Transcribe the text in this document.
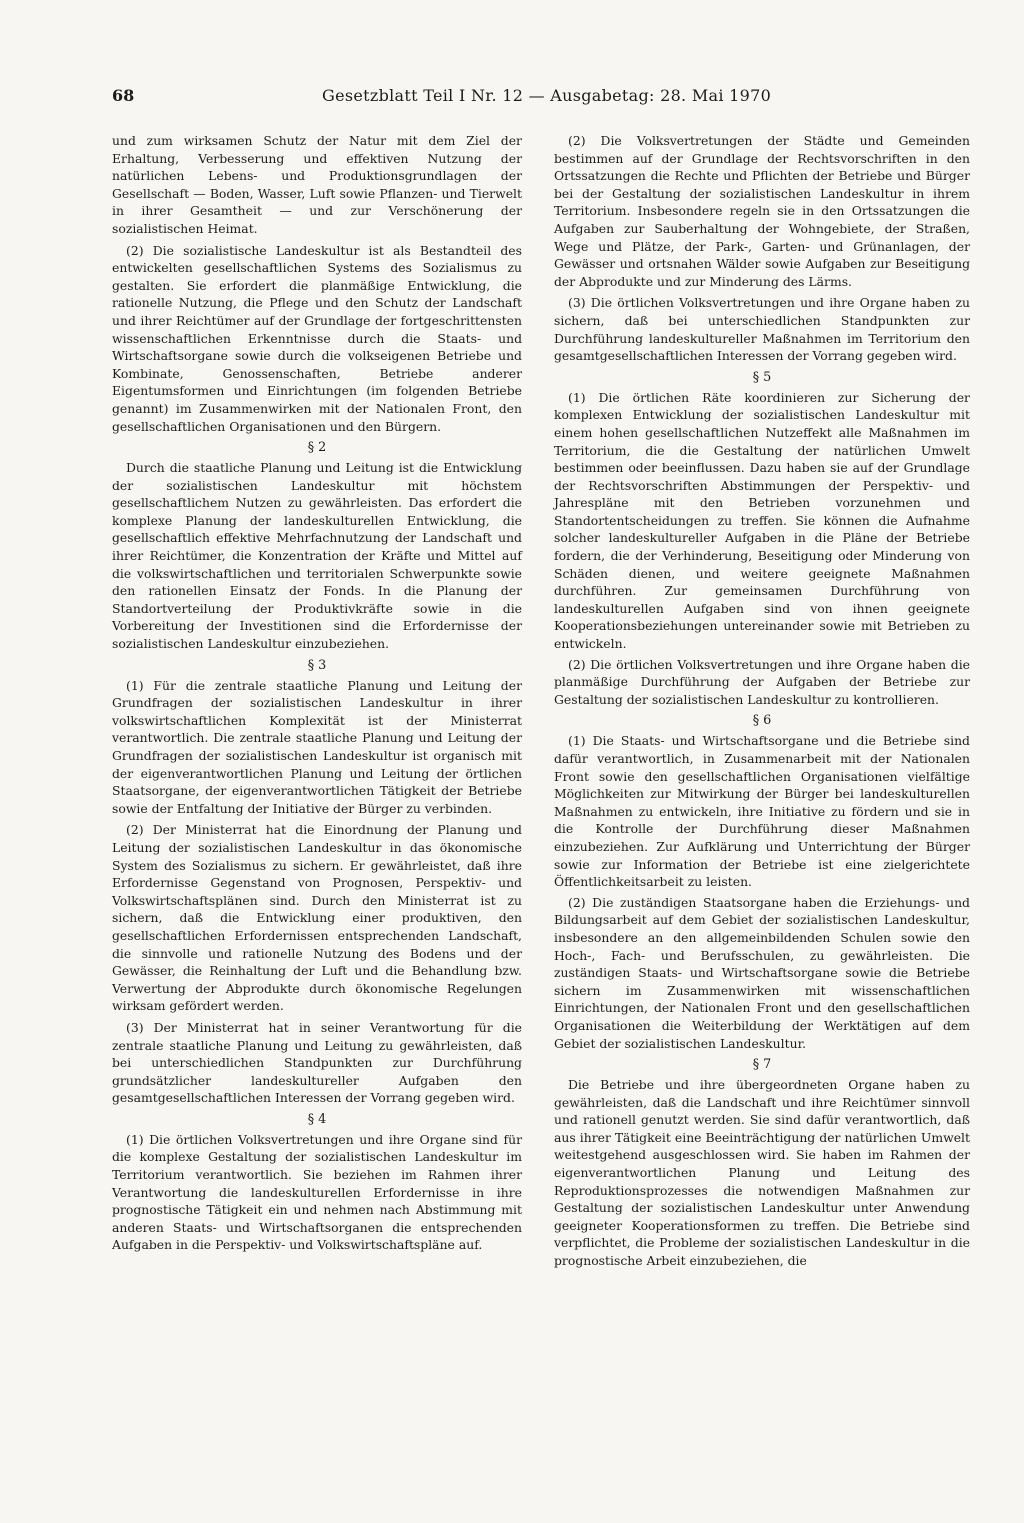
68	Gesetzblatt Teil I Nr. 12 — Ausgabetag: 28. Mai 1970

und zum wirksamen Schutz der Natur mit dem Ziel der Erhaltung, Verbesserung und effektiven Nutzung der natürlichen Lebens- und Produktionsgrundlagen der Gesellschaft — Boden, Wasser, Luft sowie Pflanzen- und Tierwelt in ihrer Gesamtheit — und zur Verschönerung der sozialistischen Heimat.

(2) Die sozialistische Landeskultur ist als Bestandteil des entwickelten gesellschaftlichen Systems des Sozialismus zu gestalten. Sie erfordert die planmäßige Entwicklung, die rationelle Nutzung, die Pflege und den Schutz der Landschaft und ihrer Reichtümer auf der Grundlage der fortgeschrittensten wissenschaftlichen Erkenntnisse durch die Staats- und Wirtschaftsorgane sowie durch die volkseigenen Betriebe und Kombinate, Genossenschaften, Betriebe anderer Eigentumsformen und Einrichtungen (im folgenden Betriebe genannt) im Zusammenwirken mit der Nationalen Front, den gesellschaftlichen Organisationen und den Bürgern.

§ 2

Durch die staatliche Planung und Leitung ist die Entwicklung der sozialistischen Landeskultur mit höchstem gesellschaftlichem Nutzen zu gewährleisten. Das erfordert die komplexe Planung der landeskulturellen Entwicklung, die gesellschaftlich effektive Mehrfachnutzung der Landschaft und ihrer Reichtümer, die Konzentration der Kräfte und Mittel auf die volkswirtschaftlichen und territorialen Schwerpunkte sowie den rationellen Einsatz der Fonds. In die Planung der Standortverteilung der Produktivkräfte sowie in die Vorbereitung der Investitionen sind die Erfordernisse der sozialistischen Landeskultur einzubeziehen.

§ 3

(1) Für die zentrale staatliche Planung und Leitung der Grundfragen der sozialistischen Landeskultur in ihrer volkswirtschaftlichen Komplexität ist der Ministerrat verantwortlich. Die zentrale staatliche Planung und Leitung der Grundfragen der sozialistischen Landeskultur ist organisch mit der eigenverantwortlichen Planung und Leitung der örtlichen Staatsorgane, der eigenverantwortlichen Tätigkeit der Betriebe sowie der Entfaltung der Initiative der Bürger zu verbinden.

(2) Der Ministerrat hat die Einordnung der Planung und Leitung der sozialistischen Landeskultur in das ökonomische System des Sozialismus zu sichern. Er gewährleistet, daß ihre Erfordernisse Gegenstand von Prognosen, Perspektiv- und Volkswirtschaftsplänen sind. Durch den Ministerrat ist zu sichern, daß die Entwicklung einer produktiven, den gesellschaftlichen Erfordernissen entsprechenden Landschaft, die sinnvolle und rationelle Nutzung des Bodens und der Gewässer, die Reinhaltung der Luft und die Behandlung bzw. Verwertung der Abprodukte durch ökonomische Regelungen wirksam gefördert werden.

(3) Der Ministerrat hat in seiner Verantwortung für die zentrale staatliche Planung und Leitung zu gewährleisten, daß bei unterschiedlichen Standpunkten zur Durchführung grundsätzlicher landeskultureller Aufgaben den gesamtgesellschaftlichen Interessen der Vorrang gegeben wird.

§ 4

(1) Die örtlichen Volksvertretungen und ihre Organe sind für die komplexe Gestaltung der sozialistischen Landeskultur im Territorium verantwortlich. Sie beziehen im Rahmen ihrer Verantwortung die landeskulturellen Erfordernisse in ihre prognostische Tätigkeit ein und nehmen nach Abstimmung mit anderen Staats- und Wirtschaftsorganen die entsprechenden Aufgaben in die Perspektiv- und Volkswirtschaftspläne auf.

(2) Die Volksvertretungen der Städte und Gemeinden bestimmen auf der Grundlage der Rechtsvorschriften in den Ortssatzungen die Rechte und Pflichten der Betriebe und Bürger bei der Gestaltung der sozialistischen Landeskultur in ihrem Territorium. Insbesondere regeln sie in den Ortssatzungen die Aufgaben zur Sauberhaltung der Wohngebiete, der Straßen, Wege und Plätze, der Park-, Garten- und Grünanlagen, der Gewässer und ortsnahen Wälder sowie Aufgaben zur Beseitigung der Abprodukte und zur Minderung des Lärms.

(3) Die örtlichen Volksvertretungen und ihre Organe haben zu sichern, daß bei unterschiedlichen Standpunkten zur Durchführung landeskultureller Maßnahmen im Territorium den gesamtgesellschaftlichen Interessen der Vorrang gegeben wird.

§ 5

(1) Die örtlichen Räte koordinieren zur Sicherung der komplexen Entwicklung der sozialistischen Landeskultur mit einem hohen gesellschaftlichen Nutzeffekt alle Maßnahmen im Territorium, die die Gestaltung der natürlichen Umwelt bestimmen oder beeinflussen. Dazu haben sie auf der Grundlage der Rechtsvorschriften Abstimmungen der Perspektiv- und Jahrespläne mit den Betrieben vorzunehmen und Standortentscheidungen zu treffen. Sie können die Aufnahme solcher landeskultureller Aufgaben in die Pläne der Betriebe fordern, die der Verhinderung, Beseitigung oder Minderung von Schäden dienen, und weitere geeignete Maßnahmen durchführen. Zur gemeinsamen Durchführung von landeskulturellen Aufgaben sind von ihnen geeignete Kooperationsbeziehungen untereinander sowie mit Betrieben zu entwickeln.

(2) Die örtlichen Volksvertretungen und ihre Organe haben die planmäßige Durchführung der Aufgaben der Betriebe zur Gestaltung der sozialistischen Landeskultur zu kontrollieren.

§ 6

(1) Die Staats- und Wirtschaftsorgane und die Betriebe sind dafür verantwortlich, in Zusammenarbeit mit der Nationalen Front sowie den gesellschaftlichen Organisationen vielfältige Möglichkeiten zur Mitwirkung der Bürger bei landeskulturellen Maßnahmen zu entwickeln, ihre Initiative zu fördern und sie in die Kontrolle der Durchführung dieser Maßnahmen einzubeziehen. Zur Aufklärung und Unterrichtung der Bürger sowie zur Information der Betriebe ist eine zielgerichtete Öffentlichkeitsarbeit zu leisten.

(2) Die zuständigen Staatsorgane haben die Erziehungs- und Bildungsarbeit auf dem Gebiet der sozialistischen Landeskultur, insbesondere an den allgemeinbildenden Schulen sowie den Hoch-, Fach- und Berufsschulen, zu gewährleisten. Die zuständigen Staats- und Wirtschaftsorgane sowie die Betriebe sichern im Zusammenwirken mit wissenschaftlichen Einrichtungen, der Nationalen Front und den gesellschaftlichen Organisationen die Weiterbildung der Werktätigen auf dem Gebiet der sozialistischen Landeskultur.

§ 7

Die Betriebe und ihre übergeordneten Organe haben zu gewährleisten, daß die Landschaft und ihre Reichtümer sinnvoll und rationell genutzt werden. Sie sind dafür verantwortlich, daß aus ihrer Tätigkeit eine Beeinträchtigung der natürlichen Umwelt weitestgehend ausgeschlossen wird. Sie haben im Rahmen der eigenverantwortlichen Planung und Leitung des Reproduktionsprozesses die notwendigen Maßnahmen zur Gestaltung der sozialistischen Landeskultur unter Anwendung geeigneter Kooperationsformen zu treffen. Die Betriebe sind verpflichtet, die Probleme der sozialistischen Landeskultur in die prognostische Arbeit einzubeziehen, die
